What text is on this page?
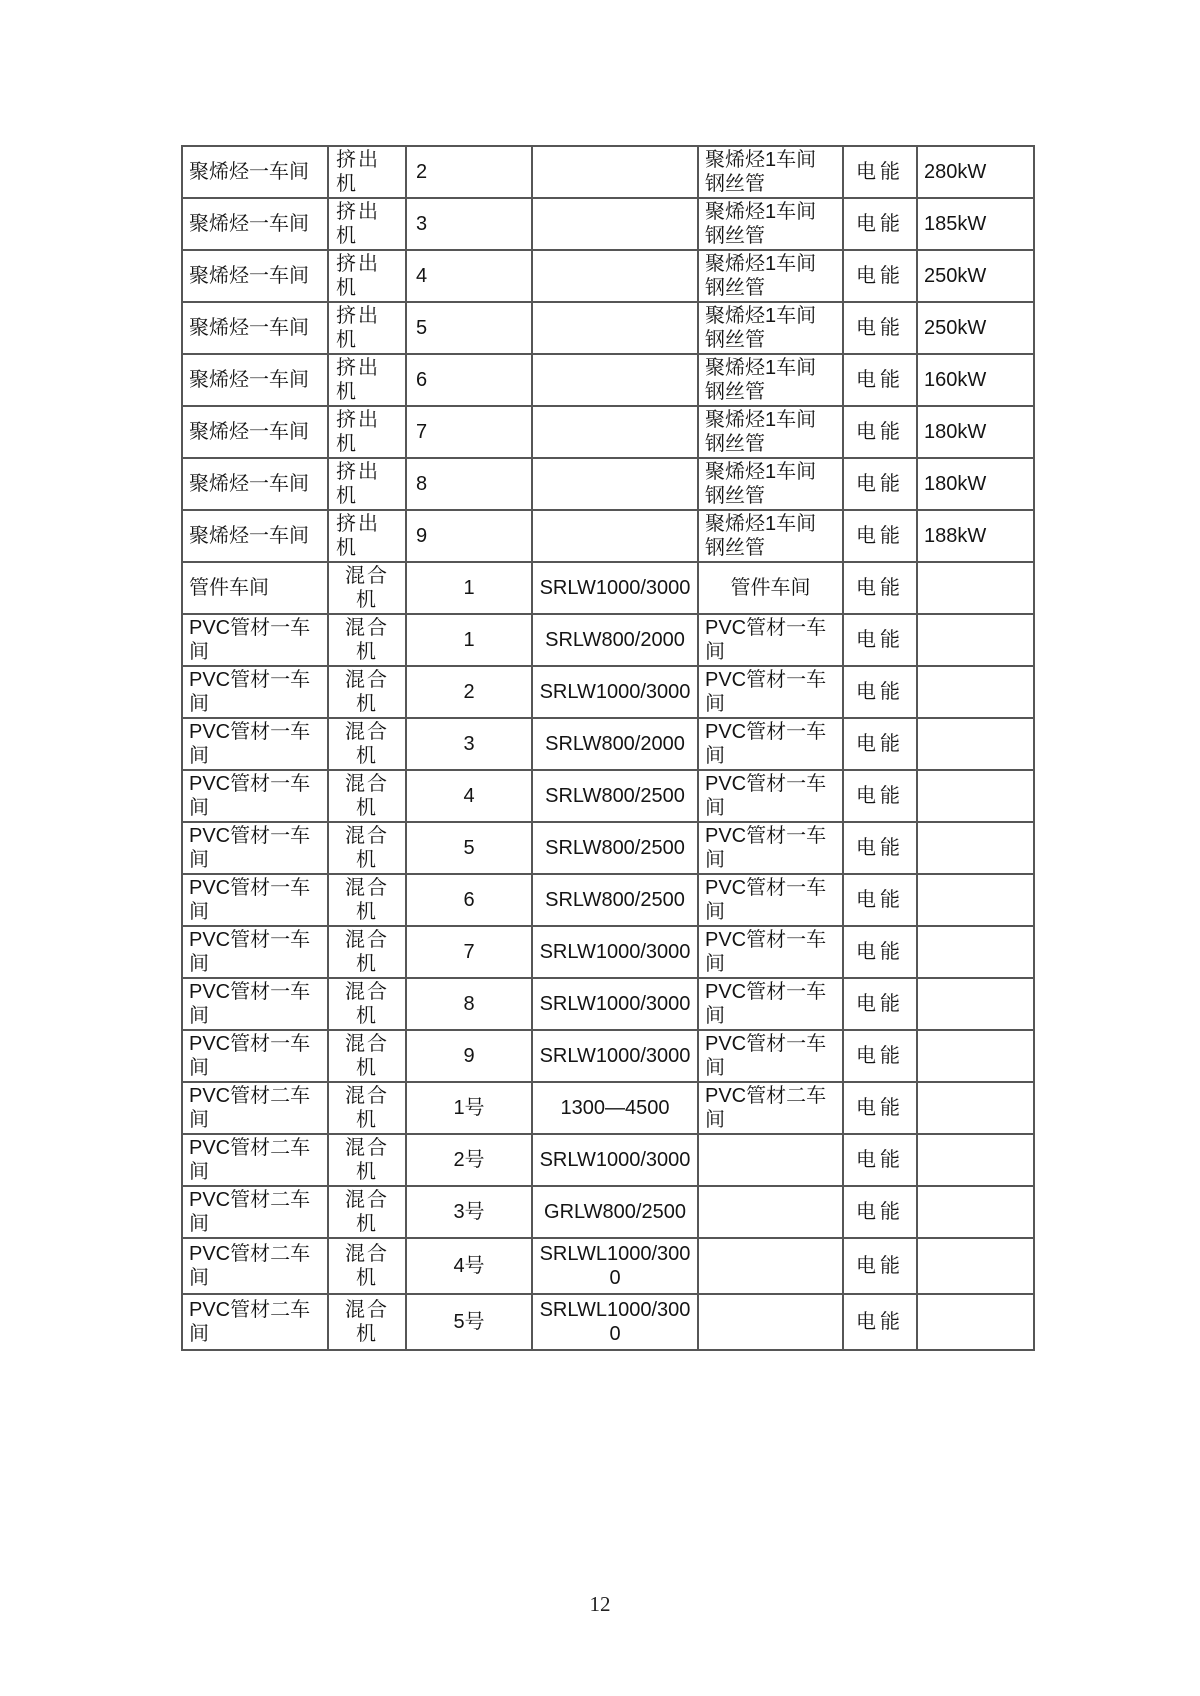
聚烯烃一车间	挤出机	2		聚烯烃1车间钢丝管	电能	280kW
聚烯烃一车间	挤出机	3		聚烯烃1车间钢丝管	电能	185kW
聚烯烃一车间	挤出机	4		聚烯烃1车间钢丝管	电能	250kW
聚烯烃一车间	挤出机	5		聚烯烃1车间钢丝管	电能	250kW
聚烯烃一车间	挤出机	6		聚烯烃1车间钢丝管	电能	160kW
聚烯烃一车间	挤出机	7		聚烯烃1车间钢丝管	电能	180kW
聚烯烃一车间	挤出机	8		聚烯烃1车间钢丝管	电能	180kW
聚烯烃一车间	挤出机	9		聚烯烃1车间钢丝管	电能	188kW
管件车间	混合机	1	SRLW1000/3000	管件车间	电能	
PVC管材一车间	混合机	1	SRLW800/2000	PVC管材一车间	电能	
PVC管材一车间	混合机	2	SRLW1000/3000	PVC管材一车间	电能	
PVC管材一车间	混合机	3	SRLW800/2000	PVC管材一车间	电能	
PVC管材一车间	混合机	4	SRLW800/2500	PVC管材一车间	电能	
PVC管材一车间	混合机	5	SRLW800/2500	PVC管材一车间	电能	
PVC管材一车间	混合机	6	SRLW800/2500	PVC管材一车间	电能	
PVC管材一车间	混合机	7	SRLW1000/3000	PVC管材一车间	电能	
PVC管材一车间	混合机	8	SRLW1000/3000	PVC管材一车间	电能	
PVC管材一车间	混合机	9	SRLW1000/3000	PVC管材一车间	电能	
PVC管材二车间	混合机	1号	1300—4500	PVC管材二车间	电能	
PVC管材二车间	混合机	2号	SRLW1000/3000		电能	
PVC管材二车间	混合机	3号	GRLW800/2500		电能	
PVC管材二车间	混合机	4号	SRLWL1000/3000		电能	
PVC管材二车间	混合机	5号	SRLWL1000/3000		电能	
12
